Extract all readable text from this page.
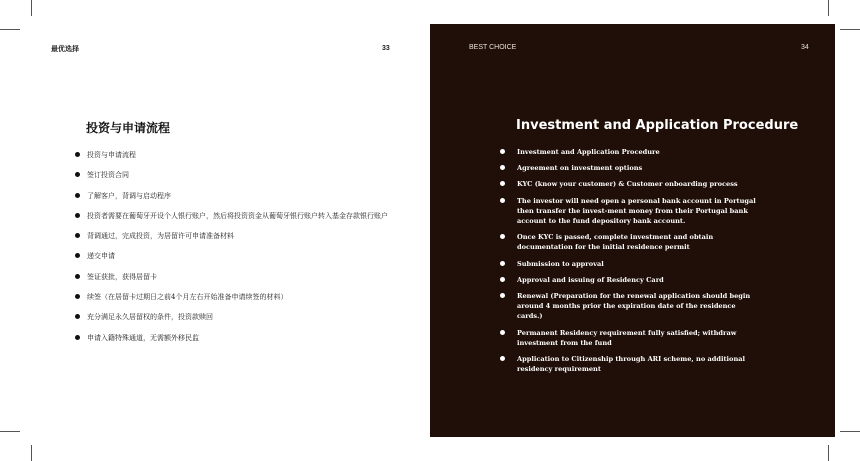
最优选择	33
投资与申请流程
投资与申请流程
签订投资合同
了解客户，背调与启动程序
投资者需要在葡萄牙开设个人银行账户，然后将投资资金从葡萄牙银行账户转入基金存款银行账户
背调通过，完成投资，为居留许可申请准备材料
递交申请
签证获批，获得居留卡
续签（在居留卡过期日之前4个月左右开始准备申请续签的材料）
充分满足永久居留权的条件，投资款赎回
申请入籍特殊通道，无需额外移民监
BEST CHOICE	34
Investment and Application Procedure
Investment and Application Procedure
Agreement on investment options
KYC (know your customer) & Customer onboarding process
The investor will need open a personal bank account in Portugal then transfer the invest-ment money from their Portugal bank account to the fund depository bank account.
Once KYC is passed, complete investment and obtain documentation for the initial residence permit
Submission to approval
Approval and issuing of Residency Card
Renewal (Preparation for the renewal application should begin around 4 months prior the expiration date of the residence cards.)
Permanent Residency requirement fully satisfied; withdraw investment from the fund
Application to Citizenship through ARI scheme, no additional residency requirement
